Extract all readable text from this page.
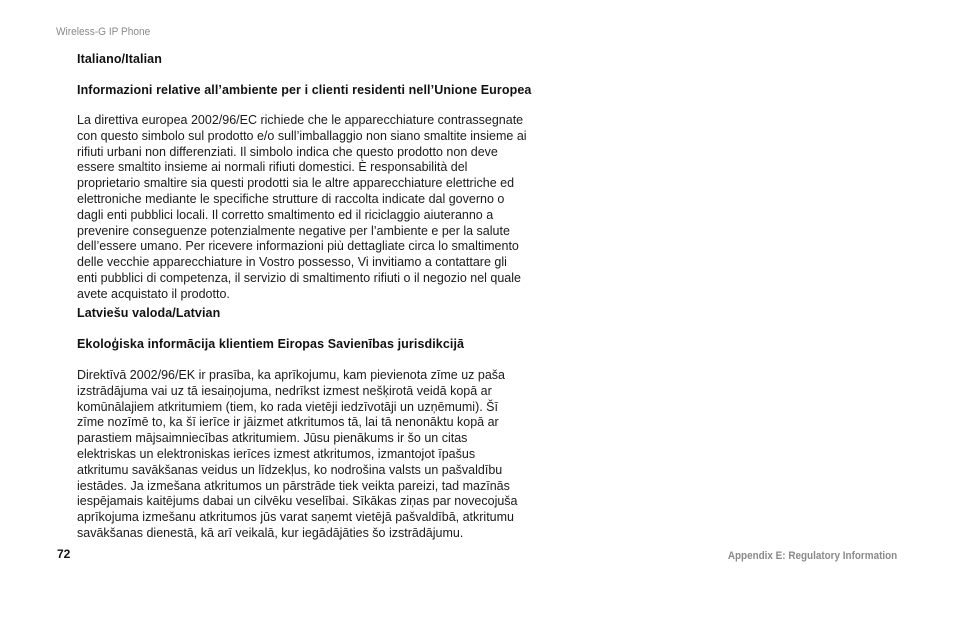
Wireless-G IP Phone
Italiano/Italian
Informazioni relative all’ambiente per i clienti residenti nell’Unione Europea
La direttiva europea 2002/96/EC richiede che le apparecchiature contrassegnate
con questo simbolo sul prodotto e/o sull’imballaggio non siano smaltite insieme ai
rifiuti urbani non differenziati. Il simbolo indica che questo prodotto non deve
essere smaltito insieme ai normali rifiuti domestici. È responsabilità del
proprietario smaltire sia questi prodotti sia le altre apparecchiature elettriche ed
elettroniche mediante le specifiche strutture di raccolta indicate dal governo o
dagli enti pubblici locali. Il corretto smaltimento ed il riciclaggio aiuteranno a
prevenire conseguenze potenzialmente negative per l’ambiente e per la salute
dell’essere umano. Per ricevere informazioni più dettagliate circa lo smaltimento
delle vecchie apparecchiature in Vostro possesso, Vi invitiamo a contattare gli
enti pubblici di competenza, il servizio di smaltimento rifiuti o il negozio nel quale
avete acquistato il prodotto.
Latviešu valoda/Latvian
Ekoloģiska informācija klientiem Eiropas Savienības jurisdikcijā
Direktīvā 2002/96/EK ir prasība, ka aprīkojumu, kam pievienota zīme uz paša
izstrādājuma vai uz tā iesaiņojuma, nedrīkst izmest nešķirotā veidā kopā ar
komūnālajiem atkritumiem (tiem, ko rada vietēji iedzīvotāji un uzņēmumi). Šī
zīme nozīmē to, ka šī ierīce ir jāizmet atkritumos tā, lai tā nenonāktu kopā ar
parastiem mājsaimniecības atkritumiem. Jūsu pienākums ir šo un citas
elektriskas un elektroniskas ierīces izmest atkritumos, izmantojot īpašus
atkritumu savākšanas veidus un līdzekļus, ko nodrošina valsts un pašvaldību
iestādes. Ja izmešana atkritumos un pārstrāde tiek veikta pareizi, tad mazīnās
iespējamais kaitējums dabai un cilvēku veselībai. Sīkākas ziņas par novecojuša
aprīkojuma izmešanu atkritumos jūs varat saņemt vietējā pašvaldībā, atkritumu
savākšanas dienestā, kā arī veikalā, kur iegādājāties šo izstrādājumu.
72	Appendix E: Regulatory Information
